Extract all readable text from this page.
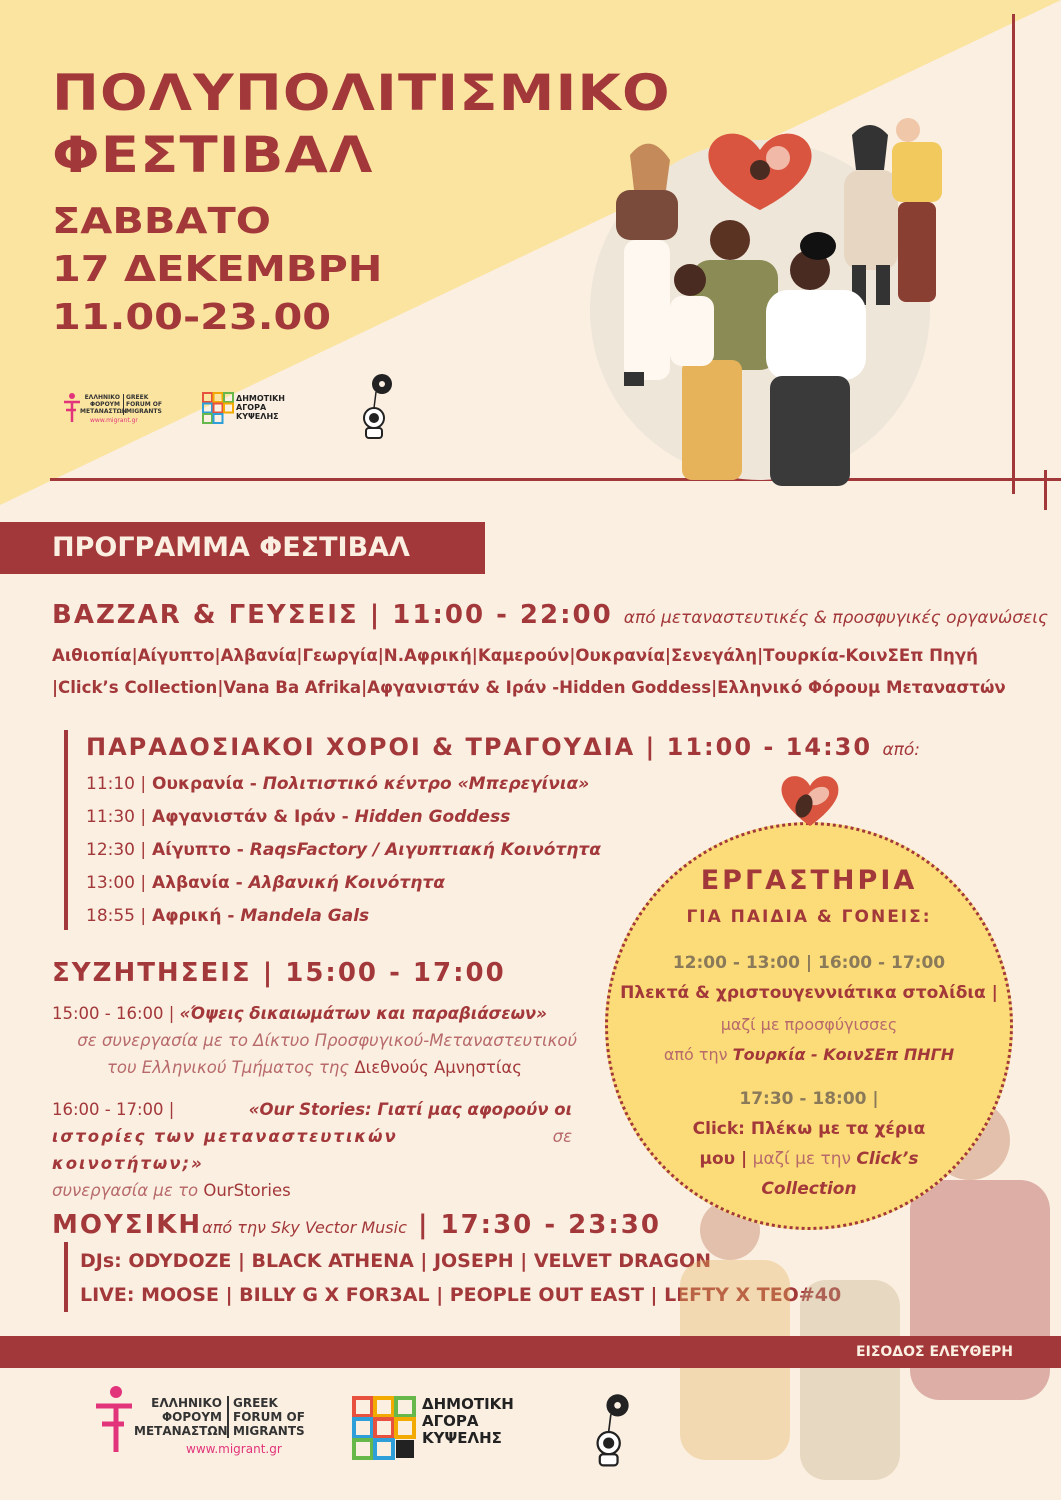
ΠΟΛΥΠΟΛΙΤΙΣΜΙΚΟ
ΦΕΣΤΙΒΑΛ
ΣΑΒΒΑΤΟ
17 ΔΕΚΕΜΒΡΗ
11.00-23.00
ΕΛΛΗΝΙΚΟ
ΦΟΡΟΥΜ
ΜΕΤΑΝΑΣΤΩΝ
GREEK
FORUM OF
MIGRANTS
www.migrant.gr
ΔΗΜΟΤΙΚΗ
ΑΓΟΡΑ
ΚΥΨΕΛΗΣ
ΠΡΟΓΡΑΜΜΑ ΦΕΣΤΙΒΑΛ
BAZZAR & ΓΕΥΣΕΙΣ | 11:00 - 22:00 από μεταναστευτικές & προσφυγικές οργανώσεις
Αιθιοπία|Αίγυπτο|Αλβανία|Γεωργία|Ν.Αφρική|Καμερούν|Ουκρανία|Σενεγάλη|Τουρκία-ΚοινΣΕπ Πηγή
|Click’s Collection|Vana Ba Afrika|Αφγανιστάν & Ιράν -Hidden Goddess|Ελληνικό Φόρουμ Μεταναστών
ΠΑΡΑΔΟΣΙΑΚΟΙ ΧΟΡΟΙ & ΤΡΑΓΟΥΔΙΑ | 11:00 - 14:30 από:
11:10 | Ουκρανία - Πολιτιστικό κέντρο «Μπερεγίνια»
11:30 | Αφγανιστάν & Ιράν - Hidden Goddess
12:30 | Αίγυπτο - RaqsFactory / Αιγυπτιακή Κοινότητα
13:00 | Αλβανία - Αλβανική Κοινότητα
18:55 | Αφρική - Mandela Gals
ΣΥΖΗΤΗΣΕΙΣ | 15:00 - 17:00
15:00 - 16:00 | «Όψεις δικαιωμάτων και παραβιάσεων»
σε συνεργασία με το Δίκτυο Προσφυγικού-Μεταναστευτικού
του Ελληνικού Τμήματος της Διεθνούς Αμνηστίας
16:00 - 17:00 |	«Our Stories: Γιατί μας αφορούν οι
ιστορίες των μεταναστευτικών κοινοτήτων;»
σε
συνεργασία με το OurStories
ΜΟΥΣΙΚΗαπό την Sky Vector Music | 17:30 - 23:30
DJs: ODYDOZE | BLACK ATHENA | JOSEPH | VELVET DRAGON
LIVE: MOOSE | BILLY G X FOR3AL | PEOPLE OUT EAST | LEFTY X TEO#40
ΕΡΓΑΣΤΗΡΙΑ
ΓΙΑ ΠΑΙΔΙΑ & ΓΟΝΕΙΣ:
12:00 - 13:00 | 16:00 - 17:00
Πλεκτά & χριστουγεννιάτικα στολίδια |
μαζί με προσφύγισσες
από την Τουρκία - ΚοινΣΕπ ΠΗΓΗ
17:30 - 18:00 |
Click: Πλέκω με τα χέρια
μου | μαζί με την Click’s
Collection
ΕΙΣΟΔΟΣ ΕΛΕΥΘΕΡΗ
ΕΛΛΗΝΙΚΟ
ΦΟΡΟΥΜ
ΜΕΤΑΝΑΣΤΩΝ
GREEK
FORUM OF
MIGRANTS
www.migrant.gr
ΔΗΜΟΤΙΚΗ
ΑΓΟΡΑ
ΚΥΨΕΛΗΣ
